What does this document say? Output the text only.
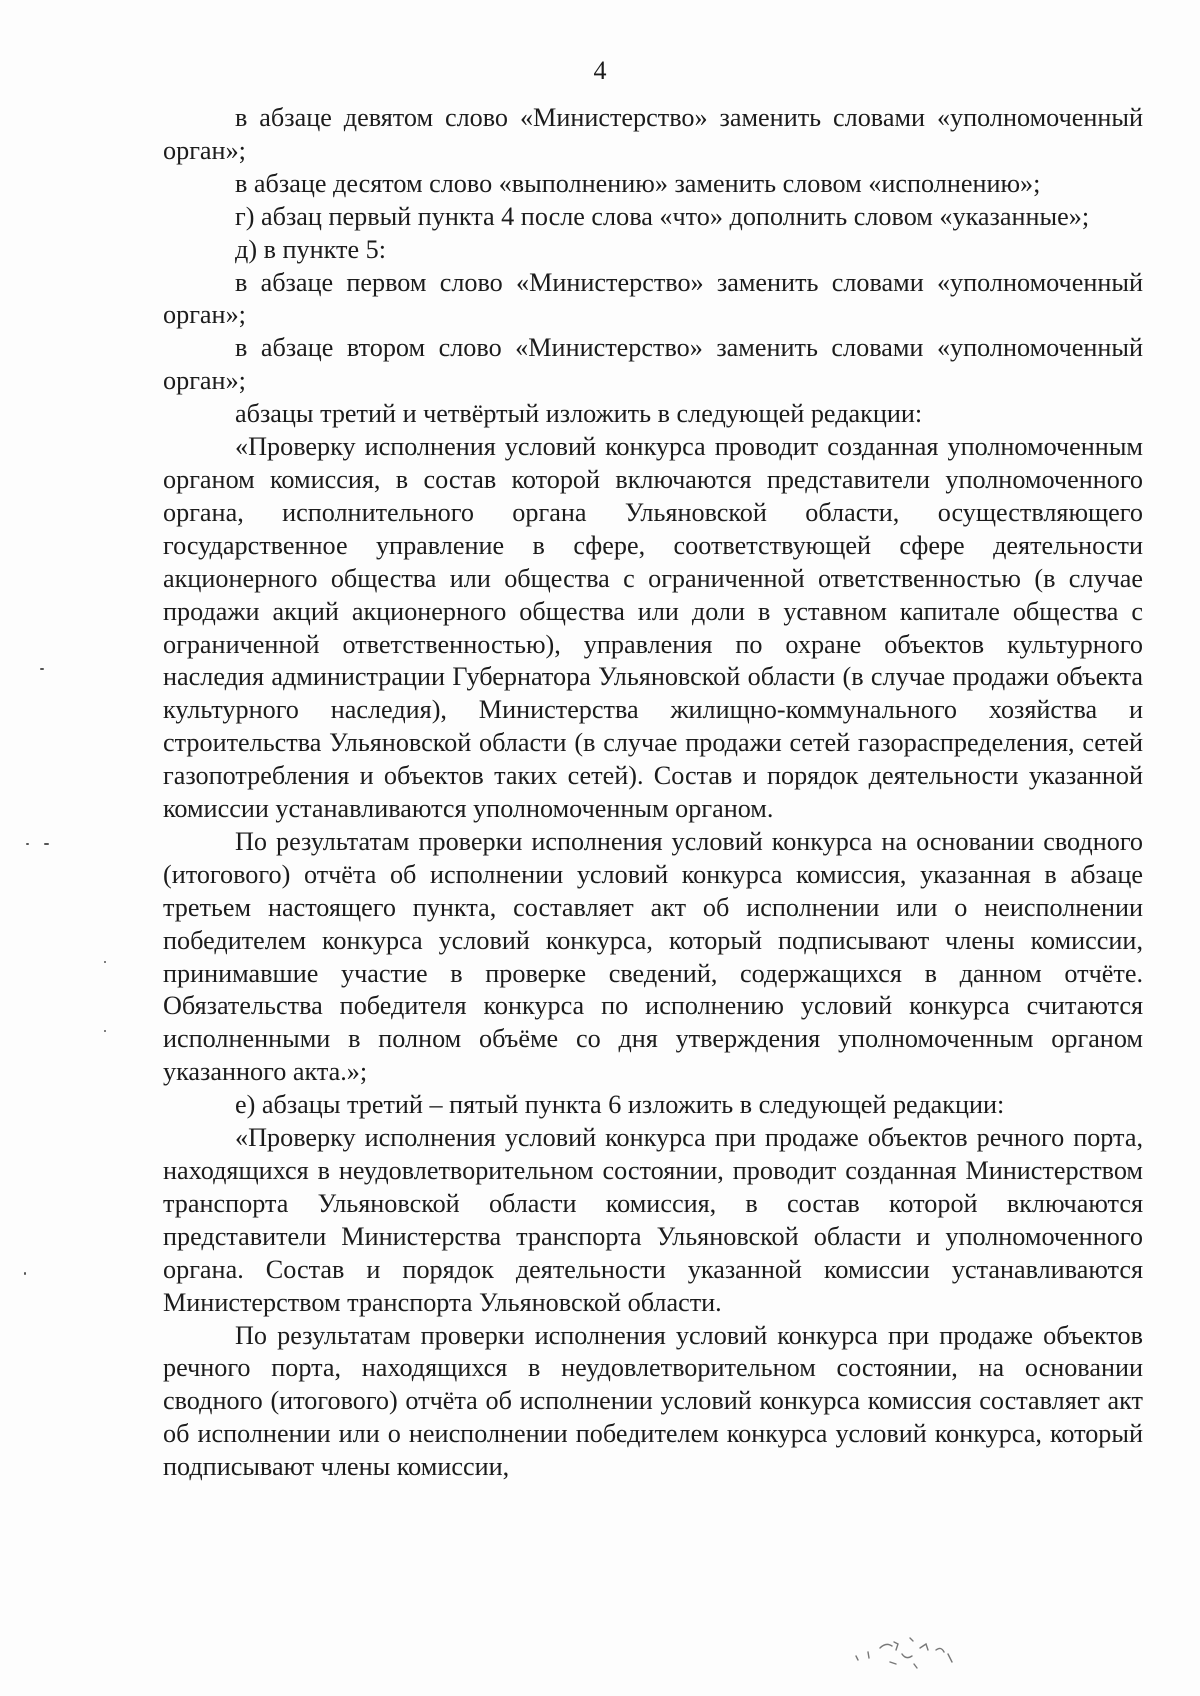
4

в абзаце девятом слово «Министерство» заменить словами «уполномоченный орган»;

в абзаце десятом слово «выполнению» заменить словом «исполнению»;

г) абзац первый пункта 4 после слова «что» дополнить словом «указанные»;

д) в пункте 5:

в абзаце первом слово «Министерство» заменить словами «уполномоченный орган»;

в абзаце втором слово «Министерство» заменить словами «уполномоченный орган»;

абзацы третий и четвёртый изложить в следующей редакции:

«Проверку исполнения условий конкурса проводит созданная уполномоченным органом комиссия, в состав которой включаются представители уполномоченного органа, исполнительного органа Ульяновской области, осуществляющего государственное управление в сфере, соответствующей сфере деятельности акционерного общества или общества с ограниченной ответственностью (в случае продажи акций акционерного общества или доли в уставном капитале общества с ограниченной ответственностью), управления по охране объектов культурного наследия администрации Губернатора Ульяновской области (в случае продажи объекта культурного наследия), Министерства жилищно-коммунального хозяйства и строительства Ульяновской области (в случае продажи сетей газораспределения, сетей газопотребления и объектов таких сетей). Состав и порядок деятельности указанной комиссии устанавливаются уполномоченным органом.

По результатам проверки исполнения условий конкурса на основании сводного (итогового) отчёта об исполнении условий конкурса комиссия, указанная в абзаце третьем настоящего пункта, составляет акт об исполнении или о неисполнении победителем конкурса условий конкурса, который подписывают члены комиссии, принимавшие участие в проверке сведений, содержащихся в данном отчёте. Обязательства победителя конкурса по исполнению условий конкурса считаются исполненными в полном объёме со дня утверждения уполномоченным органом указанного акта.»;

е) абзацы третий – пятый пункта 6 изложить в следующей редакции:

«Проверку исполнения условий конкурса при продаже объектов речного порта, находящихся в неудовлетворительном состоянии, проводит созданная Министерством транспорта Ульяновской области комиссия, в состав которой включаются представители Министерства транспорта Ульяновской области и уполномоченного органа. Состав и порядок деятельности указанной комиссии устанавливаются Министерством транспорта Ульяновской области.

По результатам проверки исполнения условий конкурса при продаже объектов речного порта, находящихся в неудовлетворительном состоянии, на основании сводного (итогового) отчёта об исполнении условий конкурса комиссия составляет акт об исполнении или о неисполнении победителем конкурса условий конкурса, который подписывают члены комиссии,
